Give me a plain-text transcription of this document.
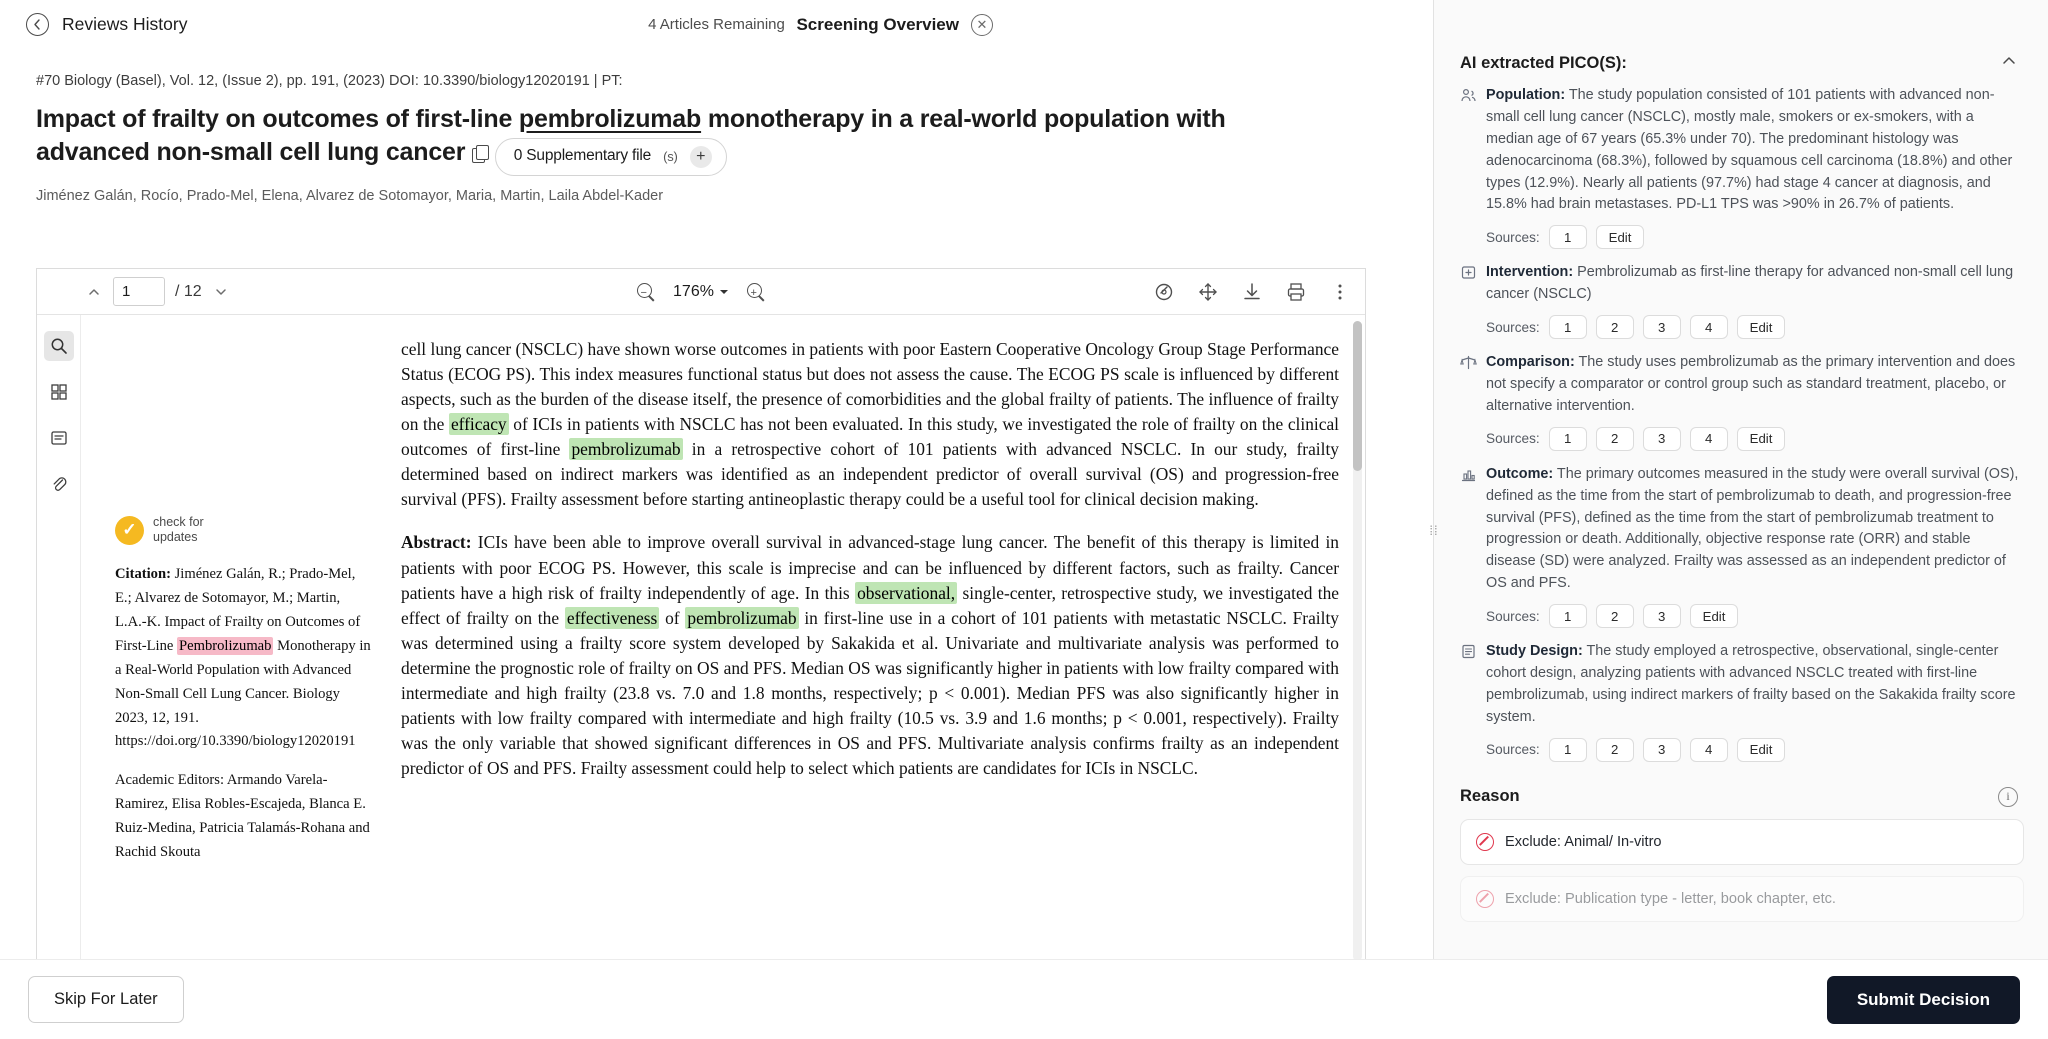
Reviews History	4 Articles Remaining Screening Overview	✕
#70 Biology (Basel), Vol. 12, (Issue 2), pp. 191, (2023) DOI: 10.3390/biology12020191 | PT:
Impact of frailty on outcomes of first-line pembrolizumab monotherapy in a real-world population with advanced non-small cell lung cancer	0 Supplementary file (s)	+
Jiménez Galán, Rocío, Prado-Mel, Elena, Alvarez de Sotomayor, Maria, Martin, Laila Abdel-Kader
1
/ 12	− 176%	+
✓	check for
updates

Citation: Jiménez Galán, R.; Prado-Mel, E.; Alvarez de Sotomayor, M.; Martin, L.A.-K. Impact of Frailty on Outcomes of First-Line Pembrolizumab Monotherapy in a Real-World Population with Advanced Non-Small Cell Lung Cancer. Biology 2023, 12, 191. https://doi.org/10.3390/biology12020191

Academic Editors: Armando Varela-Ramirez, Elisa Robles-Escajeda, Blanca E. Ruiz-Medina, Patricia Talamás-Rohana and Rachid Skouta

cell lung cancer (NSCLC) have shown worse outcomes in patients with poor Eastern Cooperative Oncology Group Stage Performance Status (ECOG PS). This index measures functional status but does not assess the cause. The ECOG PS scale is influenced by different aspects, such as the burden of the disease itself, the presence of comorbidities and the global frailty of patients. The influence of frailty on the efficacy of ICIs in patients with NSCLC has not been evaluated. In this study, we investigated the role of frailty on the clinical outcomes of first-line pembrolizumab in a retrospective cohort of 101 patients with advanced NSCLC. In our study, frailty determined based on indirect markers was identified as an independent predictor of overall survival (OS) and progression-free survival (PFS). Frailty assessment before starting antineoplastic therapy could be a useful tool for clinical decision making.

Abstract: ICIs have been able to improve overall survival in advanced-stage lung cancer. The benefit of this therapy is limited in patients with poor ECOG PS. However, this scale is imprecise and can be influenced by different factors, such as frailty. Cancer patients have a high risk of frailty independently of age. In this observational, single-center, retrospective study, we investigated the effect of frailty on the effectiveness of pembrolizumab in first-line use in a cohort of 101 patients with metastatic NSCLC. Frailty was determined using a frailty score system developed by Sakakida et al. Univariate and multivariate analysis was performed to determine the prognostic role of frailty on OS and PFS. Median OS was significantly higher in patients with low frailty compared with intermediate and high frailty (23.8 vs. 7.0 and 1.8 months, respectively; p < 0.001). Median PFS was also significantly higher in patients with low frailty compared with intermediate and high frailty (10.5 vs. 3.9 and 1.6 months; p < 0.001, respectively). Frailty was the only variable that showed significant differences in OS and PFS. Multivariate analysis confirms frailty as an independent predictor of OS and PFS. Frailty assessment could help to select which patients are candidates for ICIs in NSCLC.

⁞⁞
AI extracted PICO(S):
Population: The study population consisted of 101 patients with advanced non-small cell lung cancer (NSCLC), mostly male, smokers or ex-smokers, with a median age of 67 years (65.3% under 70). The predominant histology was adenocarcinoma (68.3%), followed by squamous cell carcinoma (18.8%) and other types (12.9%). Nearly all patients (97.7%) had stage 4 cancer at diagnosis, and 15.8% had brain metastases. PD-L1 TPS was >90% in 26.7% of patients.
Sources:	1	Edit
Intervention: Pembrolizumab as first-line therapy for advanced non-small cell lung cancer (NSCLC)
Sources:	1	2	3	4	Edit
Comparison: The study uses pembrolizumab as the primary intervention and does not specify a comparator or control group such as standard treatment, placebo, or alternative intervention.
Sources:	1	2	3	4	Edit
Outcome: The primary outcomes measured in the study were overall survival (OS), defined as the time from the start of pembrolizumab to death, and progression-free survival (PFS), defined as the time from the start of pembrolizumab treatment to progression or death. Additionally, objective response rate (ORR) and stable disease (SD) were analyzed. Frailty was assessed as an independent predictor of OS and PFS.
Sources:	1	2	3	Edit
Study Design: The study employed a retrospective, observational, single-center cohort design, analyzing patients with advanced NSCLC treated with first-line pembrolizumab, using indirect markers of frailty based on the Sakakida frailty score system.
Sources:	1	2	3	4	Edit
Reason	i
Exclude: Animal/ In-vitro
Exclude: Publication type - letter, book chapter, etc.
Skip For Later	Submit Decision
